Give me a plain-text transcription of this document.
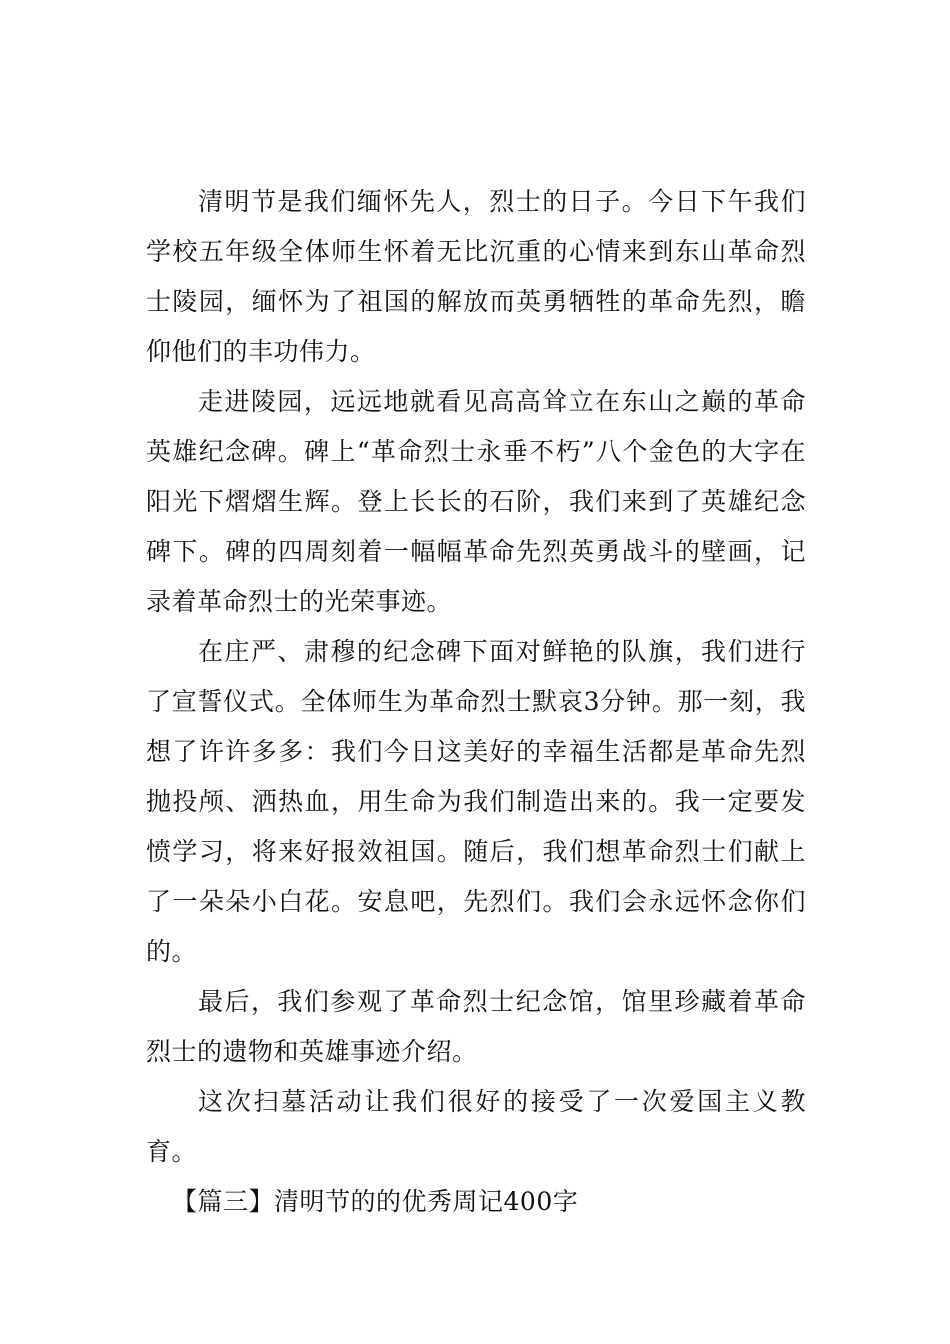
清明节是我们缅怀先人，烈士的日子。今日下午我们学校五年级全体师生怀着无比沉重的心情来到东山革命烈士陵园，缅怀为了祖国的解放而英勇牺牲的革命先烈，瞻仰他们的丰功伟力。

走进陵园，远远地就看见高高耸立在东山之巅的革命英雄纪念碑。碑上“革命烈士永垂不朽”八个金色的大字在阳光下熠熠生辉。登上长长的石阶，我们来到了英雄纪念碑下。碑的四周刻着一幅幅革命先烈英勇战斗的壁画，记录着革命烈士的光荣事迹。

在庄严、肃穆的纪念碑下面对鲜艳的队旗，我们进行了宣誓仪式。全体师生为革命烈士默哀3分钟。那一刻，我想了许许多多：我们今日这美好的幸福生活都是革命先烈抛投颅、洒热血，用生命为我们制造出来的。我一定要发愤学习，将来好报效祖国。随后，我们想革命烈士们献上了一朵朵小白花。安息吧，先烈们。我们会永远怀念你们的。

最后，我们参观了革命烈士纪念馆，馆里珍藏着革命烈士的遗物和英雄事迹介绍。

这次扫墓活动让我们很好的接受了一次爱国主义教育。

【篇三】清明节的的优秀周记400字
